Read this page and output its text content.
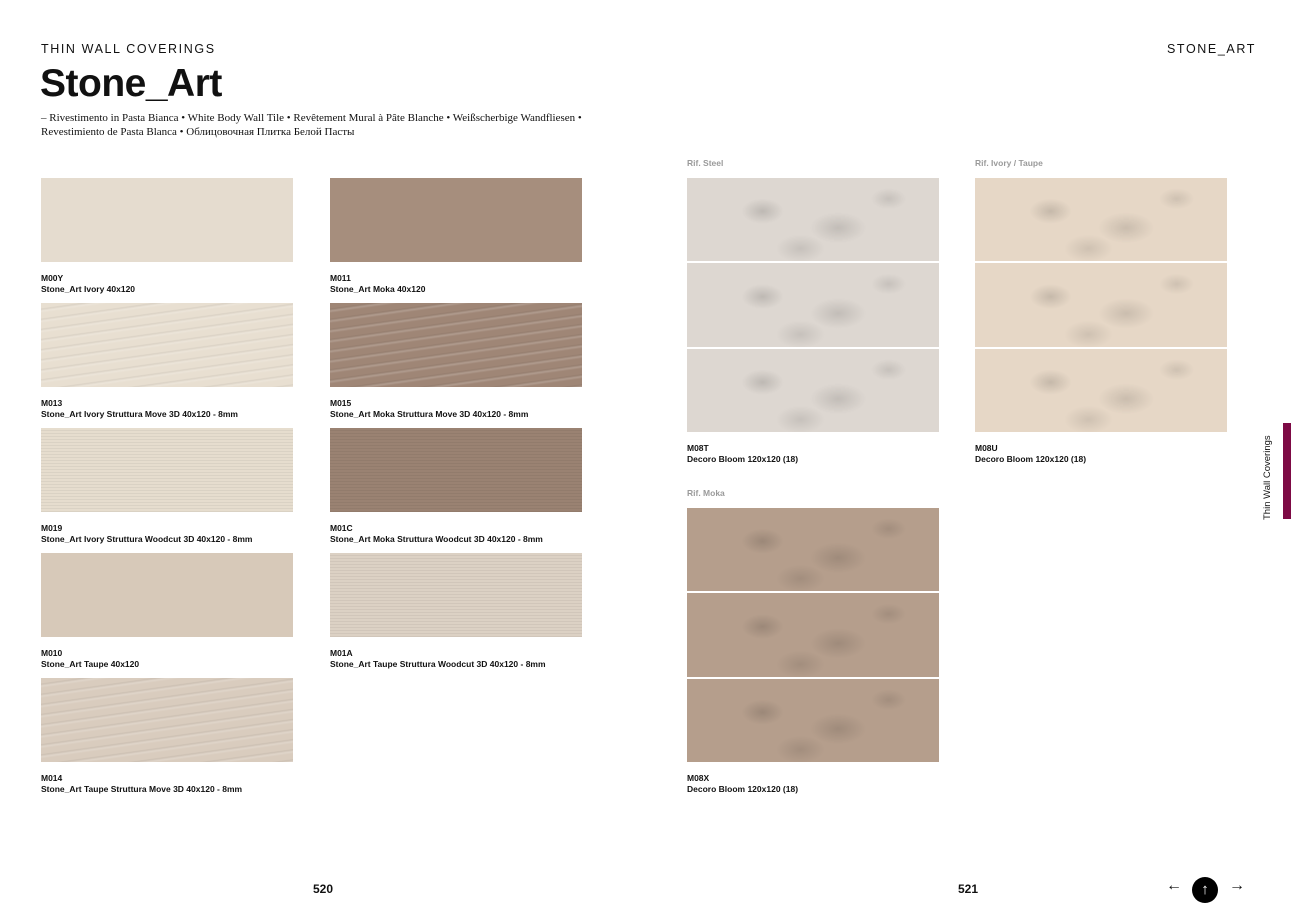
THIN WALL COVERINGS	STONE_ART
Stone_Art
– Rivestimento in Pasta Bianca • White Body Wall Tile • Revêtement Mural à Pâte Blanche • Weißscherbige Wandfliesen •
Revestimiento de Pasta Blanca • Облицовочная Плитка Белой Пасты
M00Y
Stone_Art Ivory 40x120
M011
Stone_Art Moka 40x120
M013
Stone_Art Ivory Struttura Move 3D 40x120 - 8mm
M015
Stone_Art Moka Struttura Move 3D 40x120 - 8mm
M019
Stone_Art Ivory Struttura Woodcut 3D 40x120 - 8mm
M01C
Stone_Art Moka Struttura Woodcut 3D 40x120 - 8mm
M010
Stone_Art Taupe 40x120
M01A
Stone_Art Taupe Struttura Woodcut 3D 40x120 - 8mm
M014
Stone_Art Taupe Struttura Move 3D 40x120 - 8mm
Rif. Steel
M08T
Decoro Bloom 120x120 (18)
Rif. Ivory / Taupe
M08U
Decoro Bloom 120x120 (18)
Rif. Moka
M08X
Decoro Bloom 120x120 (18)
520	521
Thin Wall Coverings
←	↑	→
